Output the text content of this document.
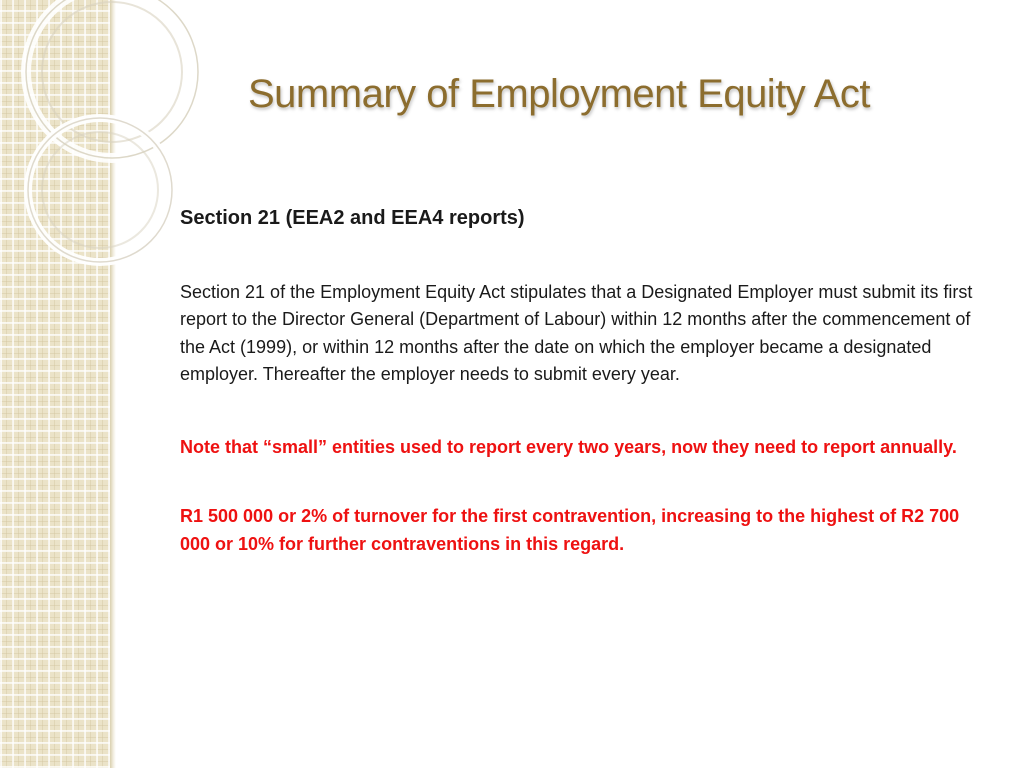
Summary of Employment Equity Act

Section 21 (EEA2 and EEA4 reports)

Section 21 of the Employment Equity Act stipulates that a Designated Employer must submit its first report to the Director General (Department of Labour) within 12 months after the commencement of the Act (1999), or within 12 months after the date on which the employer became a designated employer. Thereafter the employer needs to submit every year.

Note that “small” entities used to report every two years, now they need to report annually.

R1 500 000 or 2% of turnover for the first contravention, increasing to the highest of R2 700 000 or 10% for further contraventions in this regard.
